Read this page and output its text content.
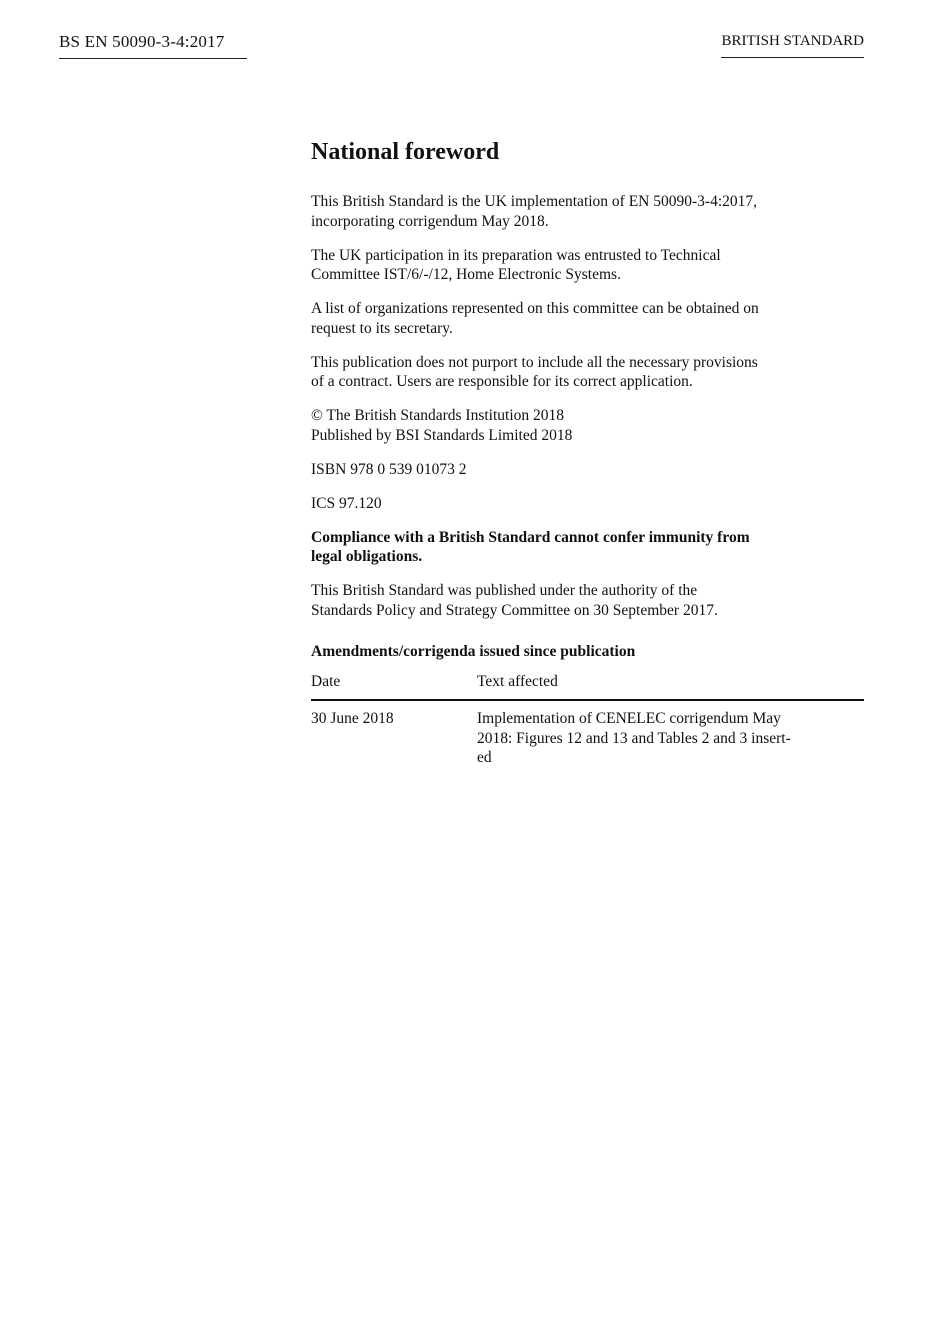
BS EN 50090-3-4:2017	BRITISH STANDARD
National foreword

This British Standard is the UK implementation of EN 50090-3-4:2017,
incorporating corrigendum May 2018.

The UK participation in its preparation was entrusted to Technical
Committee IST/6/-/12, Home Electronic Systems.

A list of organizations represented on this committee can be obtained on
request to its secretary.

This publication does not purport to include all the necessary provisions
of a contract. Users are responsible for its correct application.

© The British Standards Institution 2018
Published by BSI Standards Limited 2018

ISBN 978 0 539 01073 2

ICS 97.120

Compliance with a British Standard cannot confer immunity from
legal obligations.

This British Standard was published under the authority of the
Standards Policy and Strategy Committee on 30 September 2017.

Amendments/corrigenda issued since publication
Date	Text affected
30 June 2018	Implementation of CENELEC corrigendum May
2018: Figures 12 and 13 and Tables 2 and 3 insert-
ed
